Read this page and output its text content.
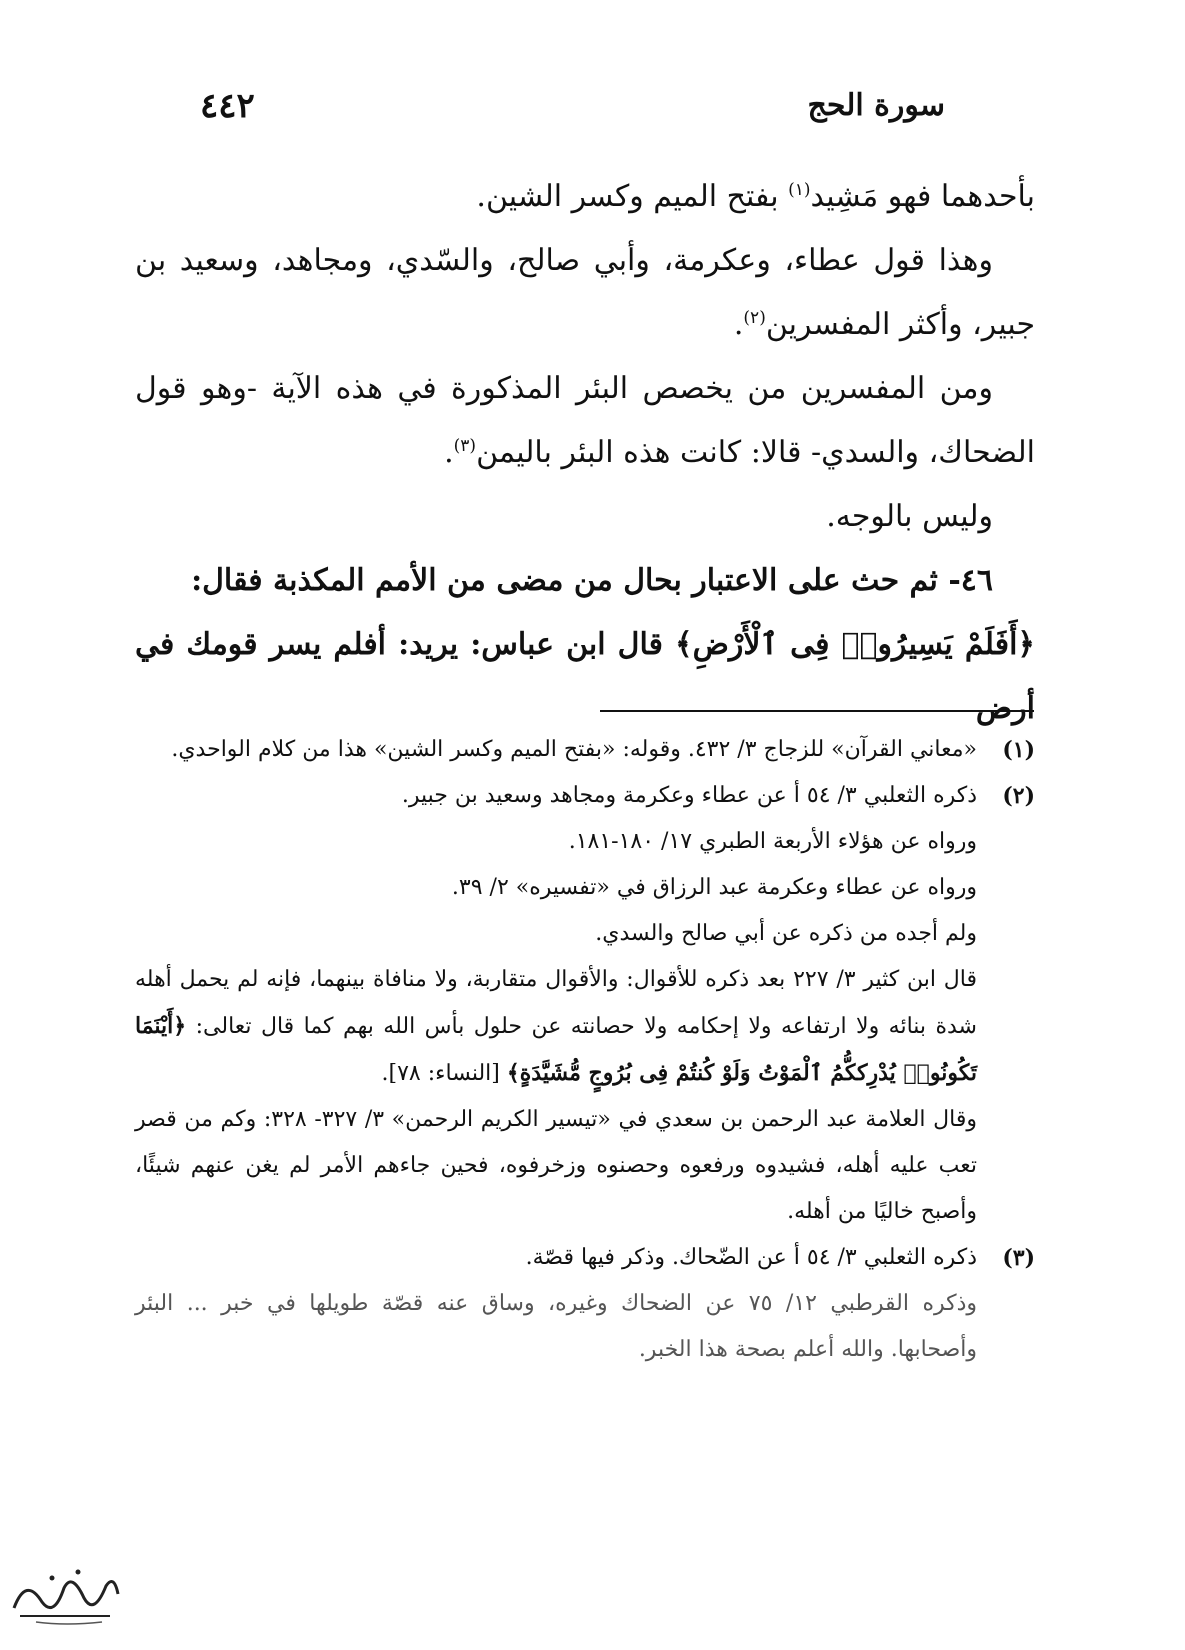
٤٤٢	سورة الحج

بأحدهما فهو مَشِيد$^{(١)}$ بفتح الميم وكسر الشين.

وهذا قول عطاء، وعكرمة، وأبي صالح، والسّدي، ومجاهد، وسعيد بن جبير، وأكثر المفسرين$^{(٢)}$.

ومن المفسرين من يخصص البئر المذكورة في هذه الآية -وهو قول الضحاك، والسدي- قالا: كانت هذه البئر باليمن$^{(٣)}$.

وليس بالوجه.

٤٦- ثم حث على الاعتبار بحال من مضى من الأمم المكذبة فقال:

﴿أَفَلَمْ يَسِيرُوا۟ فِى ٱلْأَرْضِ﴾ قال ابن عباس: يريد: أفلم يسر قومك في أرض

(١)

«معاني القرآن» للزجاج ٣/ ٤٣٢. وقوله: «بفتح الميم وكسر الشين» هذا من كلام الواحدي.

(٢)

ذكره الثعلبي ٣/ ٥٤ أ عن عطاء وعكرمة ومجاهد وسعيد بن جبير.

ورواه عن هؤلاء الأربعة الطبري ١٧/ ١٨٠-١٨١.

ورواه عن عطاء وعكرمة عبد الرزاق في «تفسيره» ٢/ ٣٩.

ولم أجده من ذكره عن أبي صالح والسدي.

قال ابن كثير ٣/ ٢٢٧ بعد ذكره للأقوال: والأقوال متقاربة، ولا منافاة بينهما، فإنه لم يحمل أهله شدة بنائه ولا ارتفاعه ولا إحكامه ولا حصانته عن حلول بأس الله بهم كما قال تعالى: ﴿أَيْنَمَا تَكُونُوا۟ يُدْرِككُّمُ ٱلْمَوْتُ وَلَوْ كُنتُمْ فِى بُرُوجٍ مُّشَيَّدَةٍ﴾ [النساء: ٧٨].

وقال العلامة عبد الرحمن بن سعدي في «تيسير الكريم الرحمن» ٣/ ٣٢٧- ٣٢٨: وكم من قصر تعب عليه أهله، فشيدوه ورفعوه وحصنوه وزخرفوه، فحين جاءهم الأمر لم يغن عنهم شيئًا، وأصبح خاليًا من أهله.

(٣)

ذكره الثعلبي ٣/ ٥٤ أ عن الضّحاك. وذكر فيها قصّة.

وذكره القرطبي ١٢/ ٧٥ عن الضحاك وغيره، وساق عنه قصّة طويلها في خبر ... البئر وأصحابها. والله أعلم بصحة هذا الخبر.
